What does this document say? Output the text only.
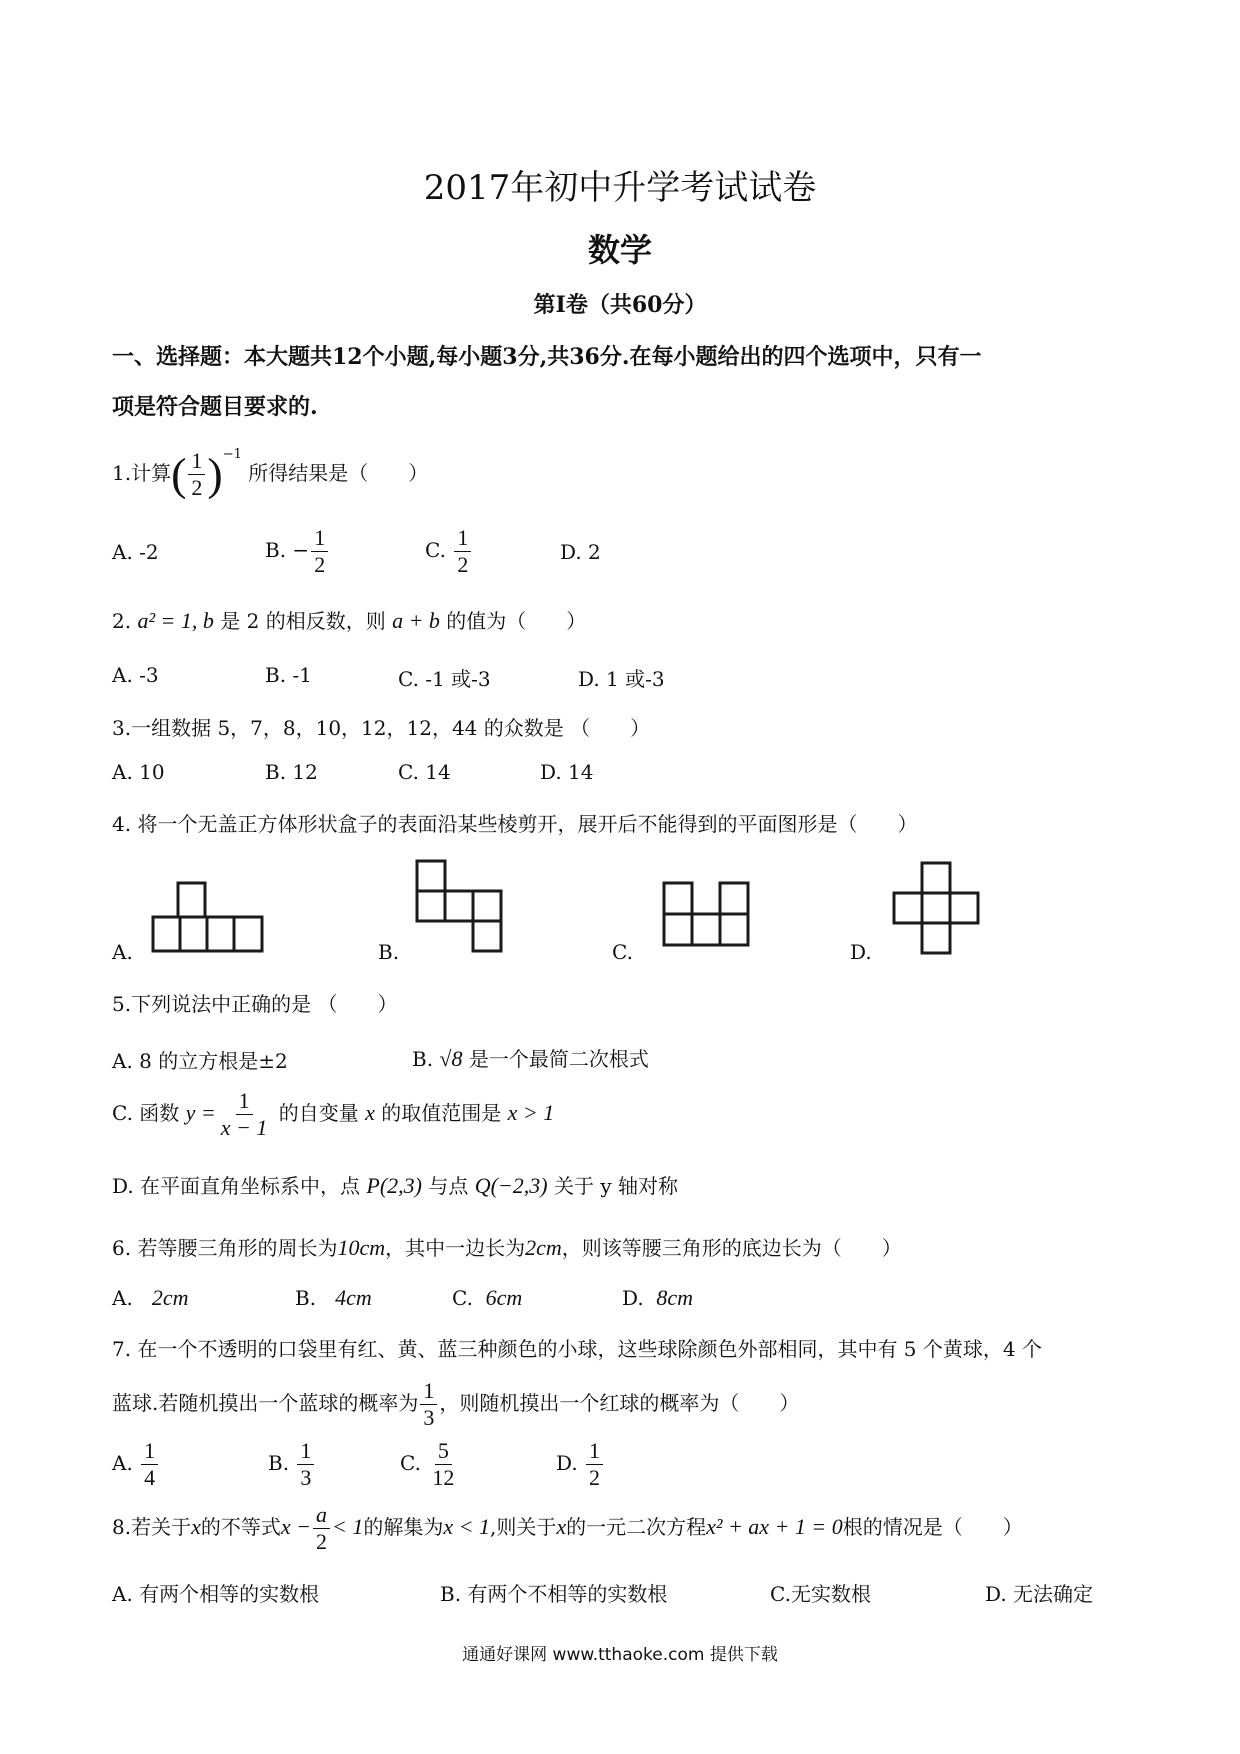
2017年初中升学考试试卷
数学
第Ⅰ卷（共60分）
一、选择题：本大题共12个小题,每小题3分,共36分.在每小题给出的四个选项中，只有一
项是符合题目要求的.
1.计算( $\frac{1}{2} )^{-1}$ 所得结果是（　　）
A. -2	B. − $\frac{1}{2}$	C. $\frac{1}{2}$	D. 2
2. a² = 1, b 是 2 的相反数，则 a + b 的值为（　　）
A. -3	B. -1	C. -1 或-3	D. 1 或-3
3.一组数据 5，7，8，10，12，12，44 的众数是 （　　）
A. 10	B. 12	C. 14	D. 14
4. 将一个无盖正方体形状盒子的表面沿某些棱剪开，展开后不能得到的平面图形是（　　）
A.	B.	C.	D.
5.下列说法中正确的是 （　　）
A. 8 的立方根是±2	B. √8 是一个最简二次根式
C. 函数 $y = \frac{1}{x - 1}$ 的自变量 x 的取值范围是 x > 1
D. 在平面直角坐标系中，点 P(2,3) 与点 Q(−2,3) 关于 y 轴对称
6. 若等腰三角形的周长为10cm，其中一边长为2cm，则该等腰三角形的底边长为（　　）
A. 2cm	B. 4cm	C. 6cm	D. 8cm
7. 在一个不透明的口袋里有红、黄、蓝三种颜色的小球，这些球除颜色外部相同，其中有 5 个黄球，4 个
蓝球.若随机摸出一个蓝球的概率为 $\frac{1}{3}$ ，则随机摸出一个红球的概率为（　　）
A. $\frac{1}{4}$	B. $\frac{1}{3}$	C. $\frac{5}{12}$	D. $\frac{1}{2}$
8.若关于x的不等式$x - \frac{a}{2} < 1$的解集为x < 1,则关于x的一元二次方程x² + ax + 1 = 0根的情况是（　　）
A. 有两个相等的实数根	B. 有两个不相等的实数根	C.无实数根	D. 无法确定
通通好课网 www.tthaoke.com 提供下载
